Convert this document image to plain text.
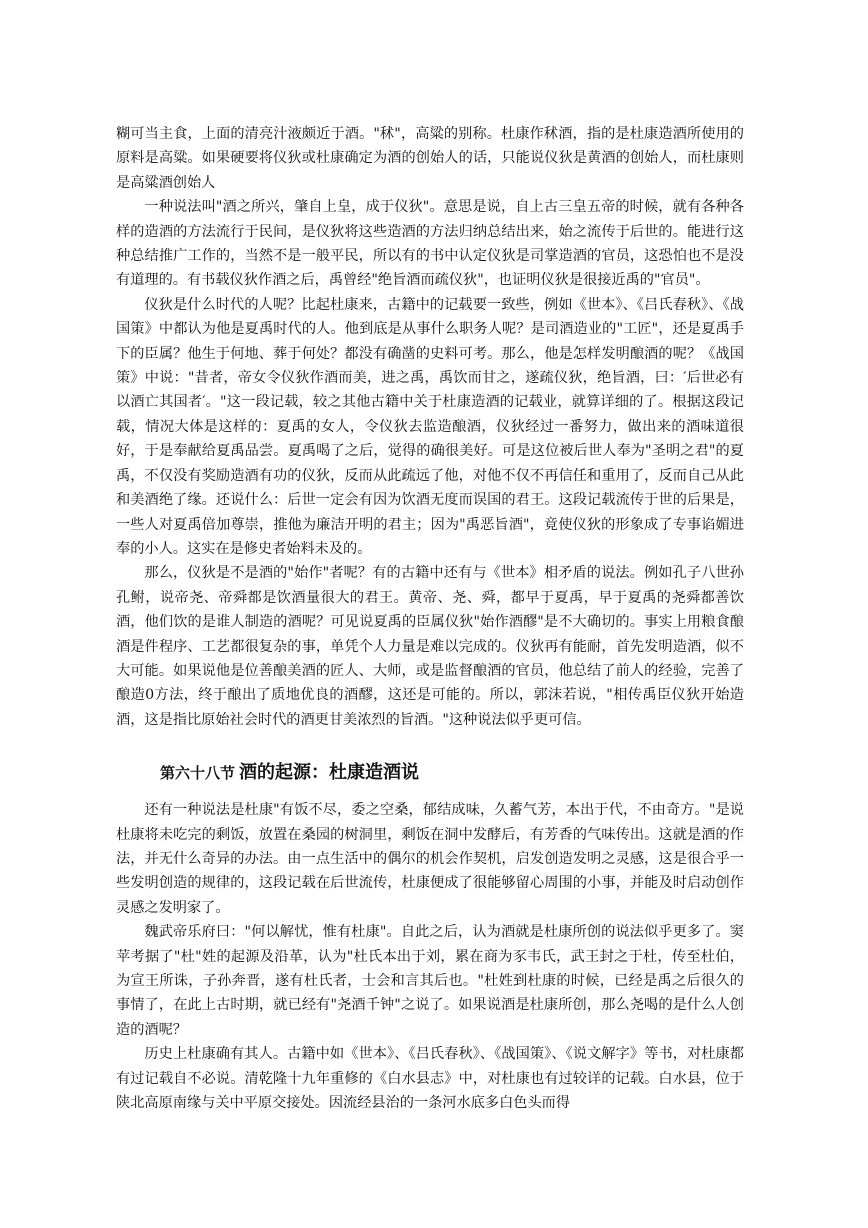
糊可当主食，上面的清亮汁液颇近于酒。"秫"，高粱的别称。杜康作秫酒，指的是杜康造酒所使用的原料是高粱。如果硬要将仪狄或杜康确定为酒的创始人的话，只能说仪狄是黄酒的创始人，而杜康则是高粱酒创始人

一种说法叫"酒之所兴，肇自上皇，成于仪狄"。意思是说，自上古三皇五帝的时候，就有各种各样的造酒的方法流行于民间，是仪狄将这些造酒的方法归纳总结出来，始之流传于后世的。能进行这种总结推广工作的，当然不是一般平民，所以有的书中认定仪狄是司掌造酒的官员，这恐怕也不是没有道理的。有书载仪狄作酒之后，禹曾经"绝旨酒而疏仪狄"，也证明仪狄是很接近禹的"官员"。

仪狄是什么时代的人呢？比起杜康来，古籍中的记载要一致些，例如《世本》、《吕氏春秋》、《战国策》中都认为他是夏禹时代的人。他到底是从事什么职务人呢？是司酒造业的"工匠"，还是夏禹手下的臣属？他生于何地、葬于何处？都没有确凿的史料可考。那么，他是怎样发明酿酒的呢？《战国策》中说："昔者，帝女令仪狄作酒而美，进之禹，禹饮而甘之，遂疏仪狄，绝旨酒，曰：′后世必有以酒亡其国者′。"这一段记载，较之其他古籍中关于杜康造酒的记载业，就算详细的了。根据这段记载，情况大体是这样的：夏禹的女人，令仪狄去监造酿酒，仪狄经过一番努力，做出来的酒味道很好，于是奉献给夏禹品尝。夏禹喝了之后，觉得的确很美好。可是这位被后世人奉为"圣明之君"的夏禹，不仅没有奖励造酒有功的仪狄，反而从此疏远了他，对他不仅不再信任和重用了，反而自己从此和美酒绝了缘。还说什么：后世一定会有因为饮酒无度而误国的君王。这段记载流传于世的后果是，一些人对夏禹倍加尊崇，推他为廉洁开明的君主；因为"禹恶旨酒"，竟使仪狄的形象成了专事谄媚进奉的小人。这实在是修史者始料未及的。

那么，仪狄是不是酒的"始作"者呢？有的古籍中还有与《世本》相矛盾的说法。例如孔子八世孙孔鲋，说帝尧、帝舜都是饮酒量很大的君王。黄帝、尧、舜，都早于夏禹，早于夏禹的尧舜都善饮酒，他们饮的是谁人制造的酒呢？可见说夏禹的臣属仪狄"始作酒醪"是不大确切的。事实上用粮食酿酒是件程序、工艺都很复杂的事，单凭个人力量是难以完成的。仪狄再有能耐，首先发明造酒，似不大可能。如果说他是位善酿美酒的匠人、大师，或是监督酿酒的官员，他总结了前人的经验，完善了酿造0方法，终于酿出了质地优良的酒醪，这还是可能的。所以，郭沫若说，"相传禹臣仪狄开始造酒，这是指比原始社会时代的酒更甘美浓烈的旨酒。"这种说法似乎更可信。

第六十八节 酒的起源：杜康造酒说

还有一种说法是杜康"有饭不尽，委之空桑，郁结成味，久蓄气芳，本出于代，不由奇方。"是说杜康将未吃完的剩饭，放置在桑园的树洞里，剩饭在洞中发酵后，有芳香的气味传出。这就是酒的作法，并无什么奇异的办法。由一点生活中的偶尔的机会作契机，启发创造发明之灵感，这是很合乎一些发明创造的规律的，这段记载在后世流传，杜康便成了很能够留心周围的小事，并能及时启动创作灵感之发明家了。

魏武帝乐府曰："何以解忧，惟有杜康"。自此之后，认为酒就是杜康所创的说法似乎更多了。窦苹考据了"杜"姓的起源及沿革，认为"杜氏本出于刘，累在商为豕韦氏，武王封之于杜，传至杜伯，为宣王所诛，子孙奔晋，遂有杜氏者，士会和言其后也。"杜姓到杜康的时候，已经是禹之后很久的事情了，在此上古时期，就已经有"尧酒千钟"之说了。如果说酒是杜康所创，那么尧喝的是什么人创造的酒呢？

历史上杜康确有其人。古籍中如《世本》、《吕氏春秋》、《战国策》、《说文解字》等书，对杜康都有过记载自不必说。清乾隆十九年重修的《白水县志》中，对杜康也有过较详的记载。白水县，位于陕北高原南缘与关中平原交接处。因流经县治的一条河水底多白色头而得
